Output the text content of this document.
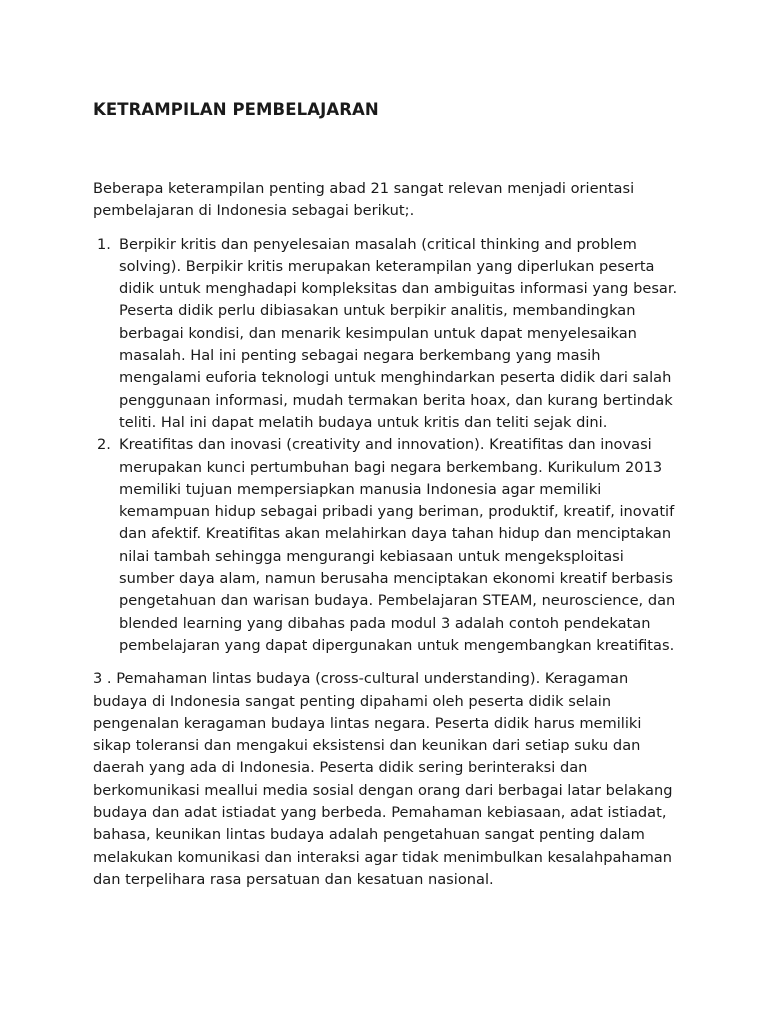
KETRAMPILAN PEMBELAJARAN

Beberapa keterampilan penting abad 21 sangat relevan menjadi orientasi pembelajaran di Indonesia sebagai berikut;.

1. Berpikir kritis dan penyelesaian masalah (critical thinking and problem solving). Berpikir kritis merupakan keterampilan yang diperlukan peserta didik untuk menghadapi kompleksitas dan ambiguitas informasi yang besar. Peserta didik perlu dibiasakan untuk berpikir analitis, membandingkan berbagai kondisi, dan menarik kesimpulan untuk dapat menyelesaikan masalah. Hal ini penting sebagai negara berkembang yang masih mengalami euforia teknologi untuk menghindarkan peserta didik dari salah penggunaan informasi, mudah termakan berita hoax, dan kurang bertindak teliti. Hal ini dapat melatih budaya untuk kritis dan teliti sejak dini.
2. Kreatifitas dan inovasi (creativity and innovation). Kreatifitas dan inovasi merupakan kunci pertumbuhan bagi negara berkembang. Kurikulum 2013 memiliki tujuan mempersiapkan manusia Indonesia agar memiliki kemampuan hidup sebagai pribadi yang beriman, produktif, kreatif, inovatif dan afektif. Kreatifitas akan melahirkan daya tahan hidup dan menciptakan nilai tambah sehingga mengurangi kebiasaan untuk mengeksploitasi sumber daya alam, namun berusaha menciptakan ekonomi kreatif berbasis pengetahuan dan warisan budaya. Pembelajaran STEAM, neuroscience, dan blended learning yang dibahas pada modul 3 adalah contoh pendekatan pembelajaran yang dapat dipergunakan untuk mengembangkan kreatifitas.

3 . Pemahaman lintas budaya (cross-cultural understanding). Keragaman budaya di Indonesia sangat penting dipahami oleh peserta didik selain pengenalan keragaman budaya lintas negara. Peserta didik harus memiliki sikap toleransi dan mengakui eksistensi dan keunikan dari setiap suku dan daerah yang ada di Indonesia. Peserta didik sering berinteraksi dan berkomunikasi meallui media sosial dengan orang dari berbagai latar belakang budaya dan adat istiadat yang berbeda. Pemahaman kebiasaan, adat istiadat, bahasa, keunikan lintas budaya adalah pengetahuan sangat penting dalam melakukan komunikasi dan interaksi agar tidak menimbulkan kesalahpahaman dan terpelihara rasa persatuan dan kesatuan nasional.
